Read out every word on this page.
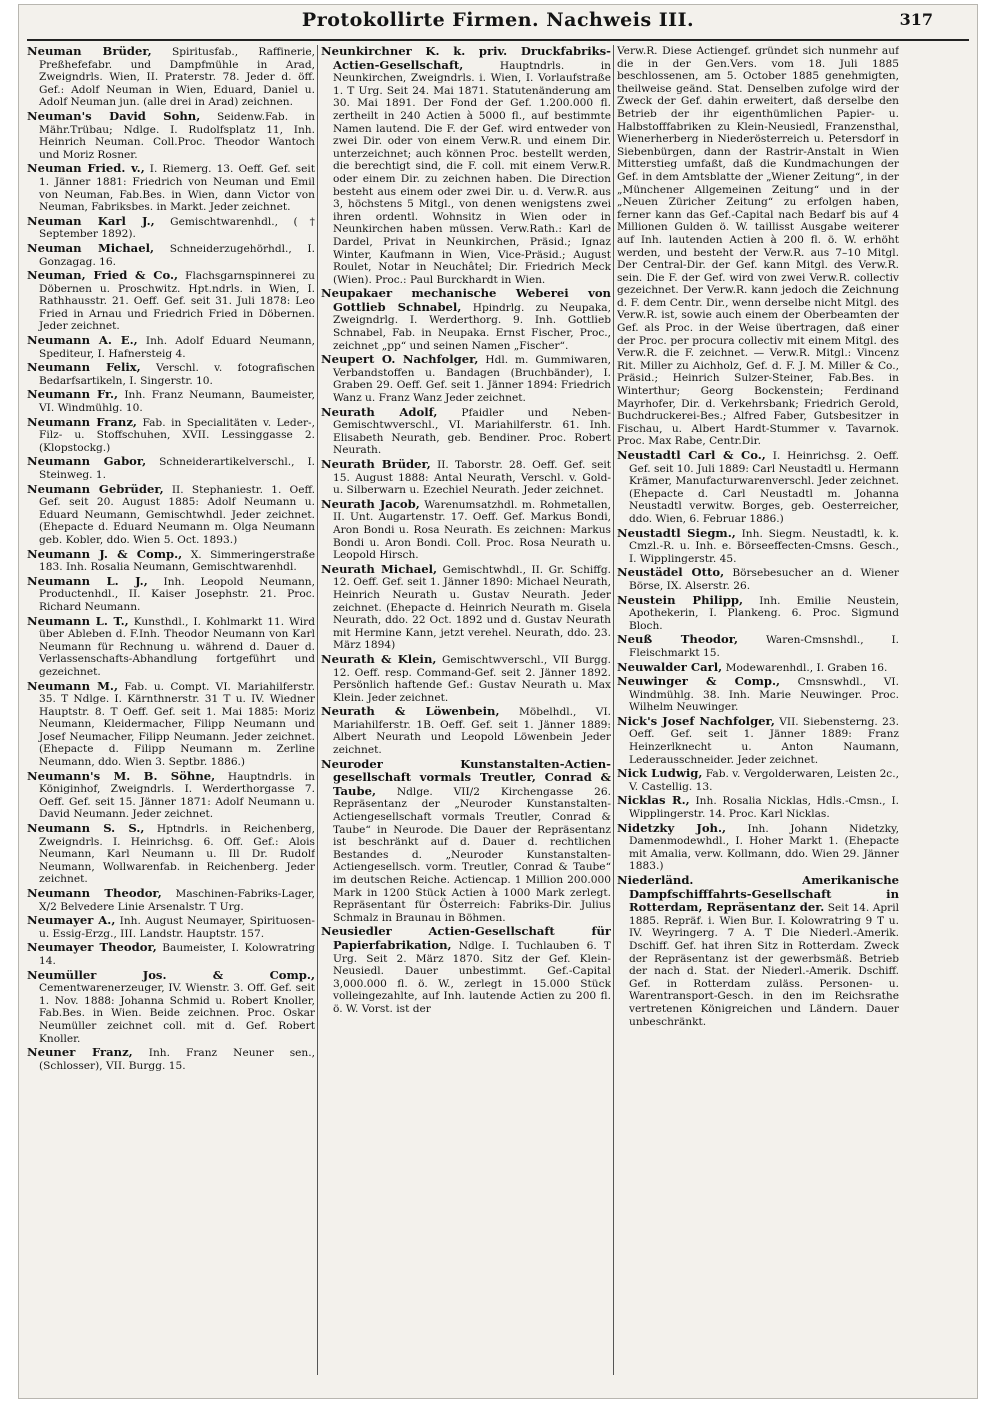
Protokollirte Firmen. Nachweis III.	317

Neuman Brüder, Spiritusfab., Raffinerie, Preßhefefabr. und Dampfmühle in Arad, Zweigndrls. Wien, II. Praterstr. 78. Jeder d. öff. Gef.: Adolf Neuman in Wien, Eduard, Daniel u. Adolf Neuman jun. (alle drei in Arad) zeichnen.

Neuman's David Sohn, Seidenw.Fab. in Mähr.Trübau; Ndlge. I. Rudolfsplatz 11, Inh. Heinrich Neuman. Coll.Proc. Theodor Wantoch und Moriz Rosner.

Neuman Fried. v., I. Riemerg. 13. Oeff. Gef. seit 1. Jänner 1881: Friedrich von Neuman und Emil von Neuman, Fab.Bes. in Wien, dann Victor von Neuman, Fabriksbes. in Markt. Jeder zeichnet.

Neuman Karl J., Gemischtwarenhdl., († September 1892).

Neuman Michael, Schneiderzugehörhdl., I. Gonzagag. 16.

Neuman, Fried & Co., Flachsgarnspinnerei zu Döbernen u. Proschwitz. Hpt.ndrls. in Wien, I. Rathhausstr. 21. Oeff. Gef. seit 31. Juli 1878: Leo Fried in Arnau und Friedrich Fried in Döbernen. Jeder zeichnet.

Neumann A. E., Inh. Adolf Eduard Neumann, Spediteur, I. Hafnersteig 4.

Neumann Felix, Verschl. v. fotografischen Bedarfsartikeln, I. Singerstr. 10.

Neumann Fr., Inh. Franz Neumann, Baumeister, VI. Windmühlg. 10.

Neumann Franz, Fab. in Specialitäten v. Leder-, Filz- u. Stoffschuhen, XVII. Lessinggasse 2. (Klopstockg.)

Neumann Gabor, Schneiderartikelverschl., I. Steinweg. 1.

Neumann Gebrüder, II. Stephaniestr. 1. Oeff. Gef. seit 20. August 1885: Adolf Neumann u. Eduard Neumann, Gemischtwhdl. Jeder zeichnet. (Ehepacte d. Eduard Neumann m. Olga Neumann geb. Kobler, ddo. Wien 5. Oct. 1893.)

Neumann J. & Comp., X. Simmeringerstraße 183. Inh. Rosalia Neumann, Gemischtwarenhdl.

Neumann L. J., Inh. Leopold Neumann, Productenhdl., II. Kaiser Josephstr. 21. Proc. Richard Neumann.

Neumann L. T., Kunsthdl., I. Kohlmarkt 11. Wird über Ableben d. F.Inh. Theodor Neumann von Karl Neumann für Rechnung u. während d. Dauer d. Verlassenschafts-Abhandlung fortgeführt und gezeichnet.

Neumann M., Fab. u. Compt. VI. Mariahilferstr. 35. T Ndlge. I. Kärnthnerstr. 31 T u. IV. Wiedner Hauptstr. 8. T Oeff. Gef. seit 1. Mai 1885: Moriz Neumann, Kleidermacher, Filipp Neumann und Josef Neumacher, Filipp Neumann. Jeder zeichnet. (Ehepacte d. Filipp Neumann m. Zerline Neumann, ddo. Wien 3. Septbr. 1886.)

Neumann's M. B. Söhne, Hauptndrls. in Königinhof, Zweigndrls. I. Werderthorgasse 7. Oeff. Gef. seit 15. Jänner 1871: Adolf Neumann u. David Neumann. Jeder zeichnet.

Neumann S. S., Hptndrls. in Reichenberg, Zweigndrls. I. Heinrichsg. 6. Off. Gef.: Alois Neumann, Karl Neumann u. Ill Dr. Rudolf Neumann, Wollwarenfab. in Reichenberg. Jeder zeichnet.

Neumann Theodor, Maschinen-Fabriks-Lager, X/2 Belvedere Linie Arsenalstr. T Urg.

Neumayer A., Inh. August Neumayer, Spirituosen- u. Essig-Erzg., III. Landstr. Hauptstr. 157.

Neumayer Theodor, Baumeister, I. Kolowratring 14.

Neumüller Jos. & Comp., Cementwarenerzeuger, IV. Wienstr. 3. Off. Gef. seit 1. Nov. 1888: Johanna Schmid u. Robert Knoller, Fab.Bes. in Wien. Beide zeichnen. Proc. Oskar Neumüller zeichnet coll. mit d. Gef. Robert Knoller.

Neuner Franz, Inh. Franz Neuner sen., (Schlosser), VII. Burgg. 15.

Neunkirchner K. k. priv. Druckfabriks-Actien-Gesellschaft,	Hauptndrls. in Neunkirchen, Zweigndrls. i. Wien, I. Vorlaufstraße 1. T Urg. Seit 24. Mai 1871. Statutenänderung am 30. Mai 1891. Der Fond der Gef. 1.200.000 fl. zertheilt in 240 Actien à 5000 fl., auf bestimmte Namen lautend. Die F. der Gef. wird entweder von zwei Dir. oder von einem Verw.R. und einem Dir. unterzeichnet; auch können Proc. bestellt werden, die berechtigt sind, die F. coll. mit einem Verw.R. oder einem Dir. zu zeichnen haben. Die Direction besteht aus einem oder zwei Dir. u. d. Verw.R. aus 3, höchstens 5 Mitgl., von denen wenigstens zwei ihren ordentl. Wohnsitz in Wien oder in Neunkirchen haben müssen. Verw.Rath.: Karl de Dardel, Privat in Neunkirchen, Präsid.; Ignaz Winter, Kaufmann in Wien, Vice-Präsid.; August Roulet, Notar in Neuchâtel; Dir. Friedrich Meck (Wien). Proc.: Paul Burckhardt in Wien.

Neupakaer mechanische Weberei von Gottlieb Schnabel, Hpindrlg. zu Neupaka, Zweigndrlg. I. Werderthorg. 9. Inh. Gottlieb Schnabel, Fab. in Neupaka. Ernst Fischer, Proc., zeichnet „pp“ und seinen Namen „Fischer“.

Neupert O. Nachfolger, Hdl. m. Gummiwaren, Verbandstoffen u. Bandagen (Bruchbänder), I. Graben 29. Oeff. Gef. seit 1. Jänner 1894: Friedrich Wanz u. Franz Wanz Jeder zeichnet.

Neurath Adolf, Pfaidler und Neben-Gemischtwverschl., VI. Mariahilferstr. 61. Inh. Elisabeth Neurath, geb. Bendiner. Proc. Robert Neurath.

Neurath Brüder, II. Taborstr. 28. Oeff. Gef. seit 15. August 1888: Antal Neurath, Verschl. v. Gold- u. Silberwarn u. Ezechiel Neurath. Jeder zeichnet.

Neurath Jacob, Warenumsatzhdl. m. Rohmetallen, II. Unt. Augartenstr. 17. Oeff. Gef. Markus Bondi, Aron Bondi u. Rosa Neurath. Es zeichnen: Markus Bondi u. Aron Bondi. Coll. Proc. Rosa Neurath u. Leopold Hirsch.

Neurath Michael, Gemischtwhdl., II. Gr. Schiffg. 12. Oeff. Gef. seit 1. Jänner 1890: Michael Neurath, Heinrich Neurath u. Gustav Neurath. Jeder zeichnet. (Ehepacte d. Heinrich Neurath m. Gisela Neurath, ddo. 22 Oct. 1892 und d. Gustav Neurath mit Hermine Kann, jetzt verehel. Neurath, ddo. 23. März 1894)

Neurath & Klein, Gemischtwverschl., VII Burgg. 12. Oeff. resp. Command-Gef. seit 2. Jänner 1892. Persönlich haftende Gef.: Gustav Neurath u. Max Klein. Jeder zeichnet.

Neurath & Löwenbein, Möbelhdl., VI. Mariahilferstr. 1B. Oeff. Gef. seit 1. Jänner 1889: Albert Neurath und Leopold Löwenbein Jeder zeichnet.

Neuroder Kunstanstalten-Actien-gesellschaft vormals Treutler, Conrad & Taube, Ndlge. VII/2 Kirchengasse 26. Repräsentanz der „Neuroder Kunstanstalten-Actiengesellschaft vormals Treutler, Conrad & Taube“ in Neurode. Die Dauer der Repräsentanz ist beschränkt auf d. Dauer d. rechtlichen Bestandes d. „Neuroder Kunstanstalten-Actiengesellsch. vorm. Treutler, Conrad & Taube“ im deutschen Reiche. Actiencap. 1 Million 200.000 Mark in 1200 Stück Actien à 1000 Mark zerlegt. Repräsentant für Österreich: Fabriks-Dir. Julius Schmalz in Braunau in Böhmen.

Neusiedler Actien-Gesellschaft für Papierfabrikation, Ndlge. I. Tuchlauben 6. T Urg. Seit 2. März 1870. Sitz der Gef. Klein-Neusiedl. Dauer unbestimmt. Gef.-Capital 3,000.000 fl. ö. W., zerlegt in 15.000 Stück volleingezahlte, auf Inh. lautende Actien zu 200 fl. ö. W. Vorst. ist der

Verw.R. Diese Actiengef. gründet sich nunmehr auf die in der Gen.Vers. vom 18. Juli 1885 beschlossenen, am 5. October 1885 genehmigten, theilweise geänd. Stat. Denselben zufolge wird der Zweck der Gef. dahin erweitert, daß derselbe den Betrieb der ihr eigenthümlichen Papier- u. Halbstofffabriken zu Klein-Neusiedl, Franzensthal, Wienerherberg in Niederösterreich u. Petersdorf in Siebenbürgen, dann der Rastrir-Anstalt in Wien Mitterstieg umfaßt, daß die Kundmachungen der Gef. in dem Amtsblatte der „Wiener Zeitung“, in der „Münchener Allgemeinen Zeitung“ und in der „Neuen Züricher Zeitung“ zu erfolgen haben, ferner kann das Gef.-Capital nach Bedarf bis auf 4 Millionen Gulden ö. W. taillisst Ausgabe weiterer auf Inh. lautenden Actien à 200 fl. ö. W. erhöht werden, und besteht der Verw.R. aus 7–10 Mitgl. Der Central-Dir. der Gef. kann Mitgl. des Verw.R. sein. Die F. der Gef. wird von zwei Verw.R. collectiv gezeichnet. Der Verw.R. kann jedoch die Zeichnung d. F. dem Centr. Dir., wenn derselbe nicht Mitgl. des Verw.R. ist, sowie auch einem der Oberbeamten der Gef. als Proc. in der Weise übertragen, daß einer der Proc. per procura collectiv mit einem Mitgl. des Verw.R. die F. zeichnet. — Verw.R. Mitgl.: Vincenz Rit. Miller zu Aichholz, Gef. d. F. J. M. Miller & Co., Präsid.; Heinrich Sulzer-Steiner, Fab.Bes. in Winterthur; Georg Bockenstein; Ferdinand Mayrhofer, Dir. d. Verkehrsbank; Friedrich Gerold, Buchdruckerei-Bes.; Alfred Faber, Gutsbesitzer in Fischau, u. Albert Hardt-Stummer v. Tavarnok. Proc. Max Rabe, Centr.Dir.

Neustadtl Carl & Co., I. Heinrichsg. 2. Oeff. Gef. seit 10. Juli 1889: Carl Neustadtl u. Hermann Krämer, Manufacturwarenverschl. Jeder zeichnet. (Ehepacte d. Carl Neustadtl m. Johanna Neustadtl verwitw. Borges, geb. Oesterreicher, ddo. Wien, 6. Februar 1886.)

Neustadtl Siegm., Inh. Siegm. Neustadtl, k. k. Cmzl.-R. u. Inh. e. Börseeffecten-Cmsns. Gesch., I. Wipplingerstr. 45.

Neustädel Otto, Börsebesucher an d. Wiener Börse, IX. Alserstr. 26.

Neustein Philipp, Inh. Emilie Neustein, Apothekerin, I. Plankeng. 6. Proc. Sigmund Bloch.

Neuß Theodor,	Waren-Cmsnshdl., I. Fleischmarkt 15.

Neuwalder Carl, Modewarenhdl., I. Graben 16.

Neuwinger & Comp., Cmsnswhdl., VI. Windmühlg. 38. Inh. Marie Neuwinger. Proc. Wilhelm Neuwinger.

Nick's Josef Nachfolger, VII. Siebensterng. 23. Oeff. Gef. seit 1. Jänner 1889: Franz Heinzerlknecht u. Anton Naumann, Lederausschneider. Jeder zeichnet.

Nick Ludwig, Fab. v. Vergolderwaren, Leisten 2c., V. Castellig. 13.

Nicklas R., Inh. Rosalia Nicklas, Hdls.-Cmsn., I. Wipplingerstr. 14. Proc. Karl Nicklas.

Nidetzky Joh., Inh. Johann Nidetzky, Damenmodewhdl., I. Hoher Markt 1. (Ehepacte mit Amalia, verw. Kollmann, ddo. Wien 29. Jänner 1883.)

Niederländ. Amerikanische Dampfschifffahrts-Gesellschaft in Rotterdam, Repräsentanz der. Seit 14. April 1885. Repräf. i. Wien Bur. I. Kolowratring 9 T u. IV. Weyringerg. 7 A. T Die Niederl.-Amerik. Dschiff. Gef. hat ihren Sitz in Rotterdam. Zweck der Repräsentanz ist der gewerbsmäß. Betrieb der nach d. Stat. der Niederl.-Amerik. Dschiff. Gef. in Rotterdam zuläss. Personen- u. Warentransport-Gesch. in den im Reichsrathe vertretenen Königreichen und Ländern. Dauer unbeschränkt.
